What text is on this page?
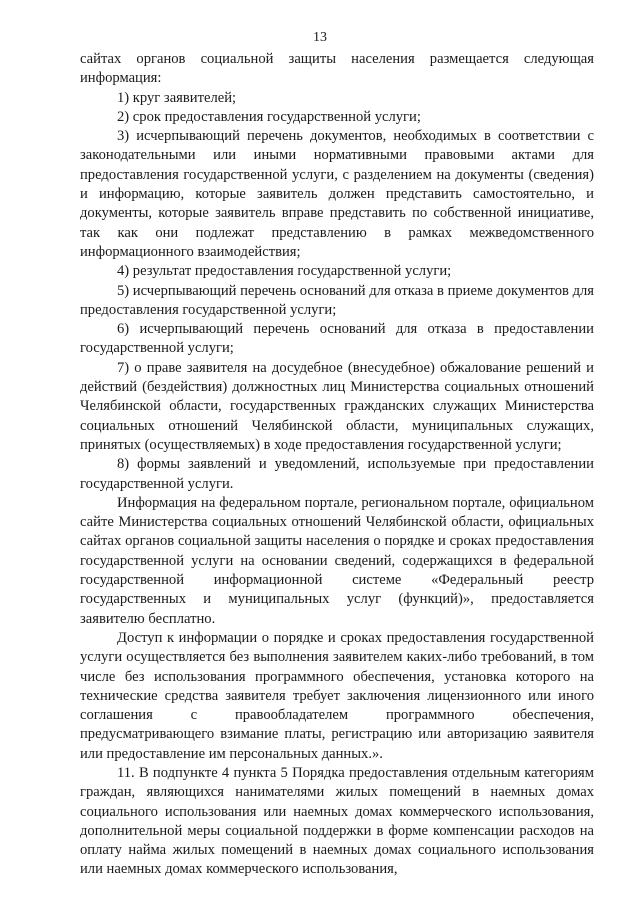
13

сайтах органов социальной защиты населения размещается следующая информация:

1) круг заявителей;

2) срок предоставления государственной услуги;

3) исчерпывающий перечень документов, необходимых в соответствии с законодательными или иными нормативными правовыми актами для предоставления государственной услуги, с разделением на документы (сведения) и информацию, которые заявитель должен представить самостоятельно, и документы, которые заявитель вправе представить по собственной инициативе, так как они подлежат представлению в рамках межведомственного информационного взаимодействия;

4) результат предоставления государственной услуги;

5) исчерпывающий перечень оснований для отказа в приеме документов для предоставления государственной услуги;

6) исчерпывающий перечень оснований для отказа в предоставлении государственной услуги;

7) о праве заявителя на досудебное (внесудебное) обжалование решений и действий (бездействия) должностных лиц Министерства социальных отношений Челябинской области, государственных гражданских служащих Министерства социальных отношений Челябинской области, муниципальных служащих, принятых (осуществляемых) в ходе предоставления государственной услуги;

8) формы заявлений и уведомлений, используемые при предоставлении государственной услуги.

Информация на федеральном портале, региональном портале, официальном сайте Министерства социальных отношений Челябинской области, официальных сайтах органов социальной защиты населения о порядке и сроках предоставления государственной услуги на основании сведений, содержащихся в федеральной государственной информационной системе «Федеральный реестр государственных и муниципальных услуг (функций)», предоставляется заявителю бесплатно.

Доступ к информации о порядке и сроках предоставления государственной услуги осуществляется без выполнения заявителем каких-либо требований, в том числе без использования программного обеспечения, установка которого на технические средства заявителя требует заключения лицензионного или иного соглашения с правообладателем программного обеспечения, предусматривающего взимание платы, регистрацию или авторизацию заявителя или предоставление им персональных данных.».

11. В подпункте 4 пункта 5 Порядка предоставления отдельным категориям граждан, являющихся нанимателями жилых помещений в наемных домах социального использования или наемных домах коммерческого использования, дополнительной меры социальной поддержки в форме компенсации расходов на оплату найма жилых помещений в наемных домах социального использования или наемных домах коммерческого использования,
